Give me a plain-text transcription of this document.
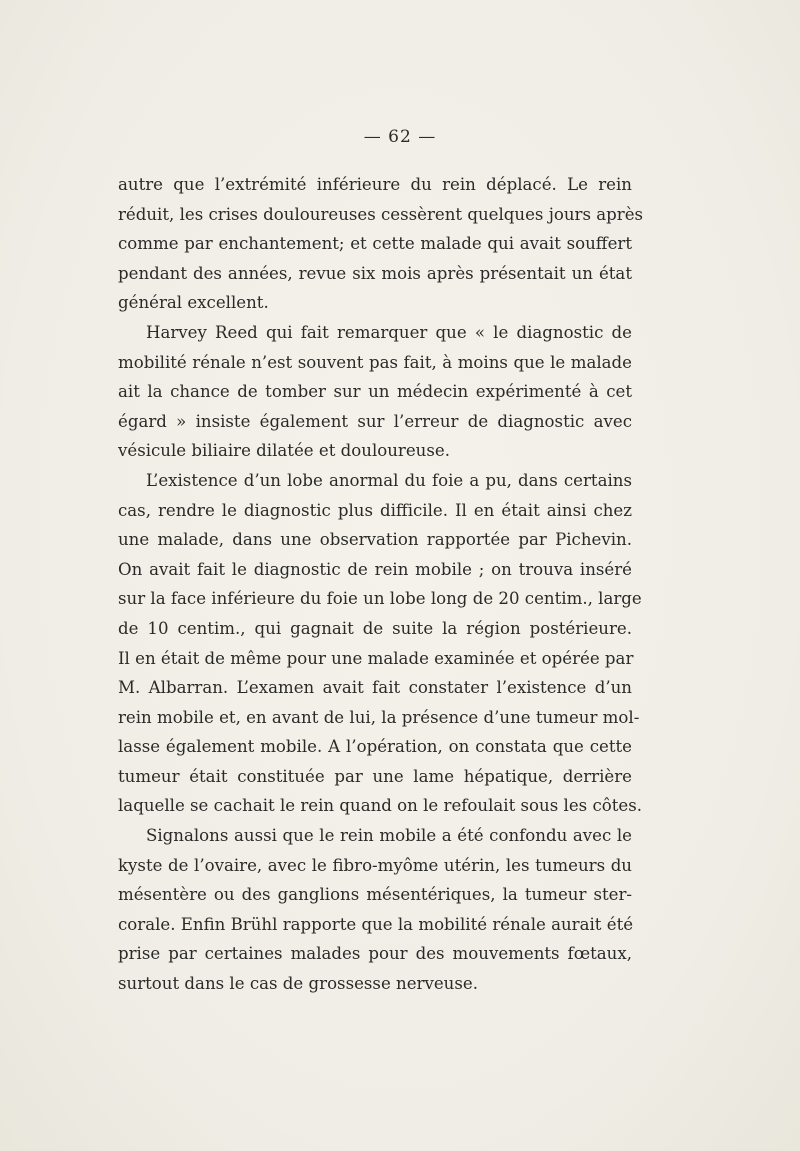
— 62 —
autre que l’extrémité inférieure du rein déplacé. Le rein
réduit, les crises douloureuses cessèrent quelques jours après
comme par enchantement; et cette malade qui avait souffert
pendant des années, revue six mois après présentait un état
général excellent.
Harvey Reed qui fait remarquer que « le diagnostic de
mobilité rénale n’est souvent pas fait, à moins que le malade
ait la chance de tomber sur un médecin expérimenté à cet
égard » insiste également sur l’erreur de diagnostic avec
vésicule biliaire dilatée et douloureuse.
L’existence d’un lobe anormal du foie a pu, dans certains
cas, rendre le diagnostic plus difficile. Il en était ainsi chez
une malade, dans une observation rapportée par Pichevin.
On avait fait le diagnostic de rein mobile ; on trouva inséré
sur la face inférieure du foie un lobe long de 20 centim., large
de 10 centim., qui gagnait de suite la région postérieure.
Il en était de même pour une malade examinée et opérée par
M. Albarran. L’examen avait fait constater l’existence d’un
rein mobile et, en avant de lui, la présence d’une tumeur mol-
lasse également mobile. A l’opération, on constata que cette
tumeur était constituée par une lame hépatique, derrière
laquelle se cachait le rein quand on le refoulait sous les côtes.
Signalons aussi que le rein mobile a été confondu avec le
kyste de l’ovaire, avec le fibro-myôme utérin, les tumeurs du
mésentère ou des ganglions mésentériques, la tumeur ster-
corale. Enfin Brühl rapporte que la mobilité rénale aurait été
prise par certaines malades pour des mouvements fœtaux,
surtout dans le cas de grossesse nerveuse.
